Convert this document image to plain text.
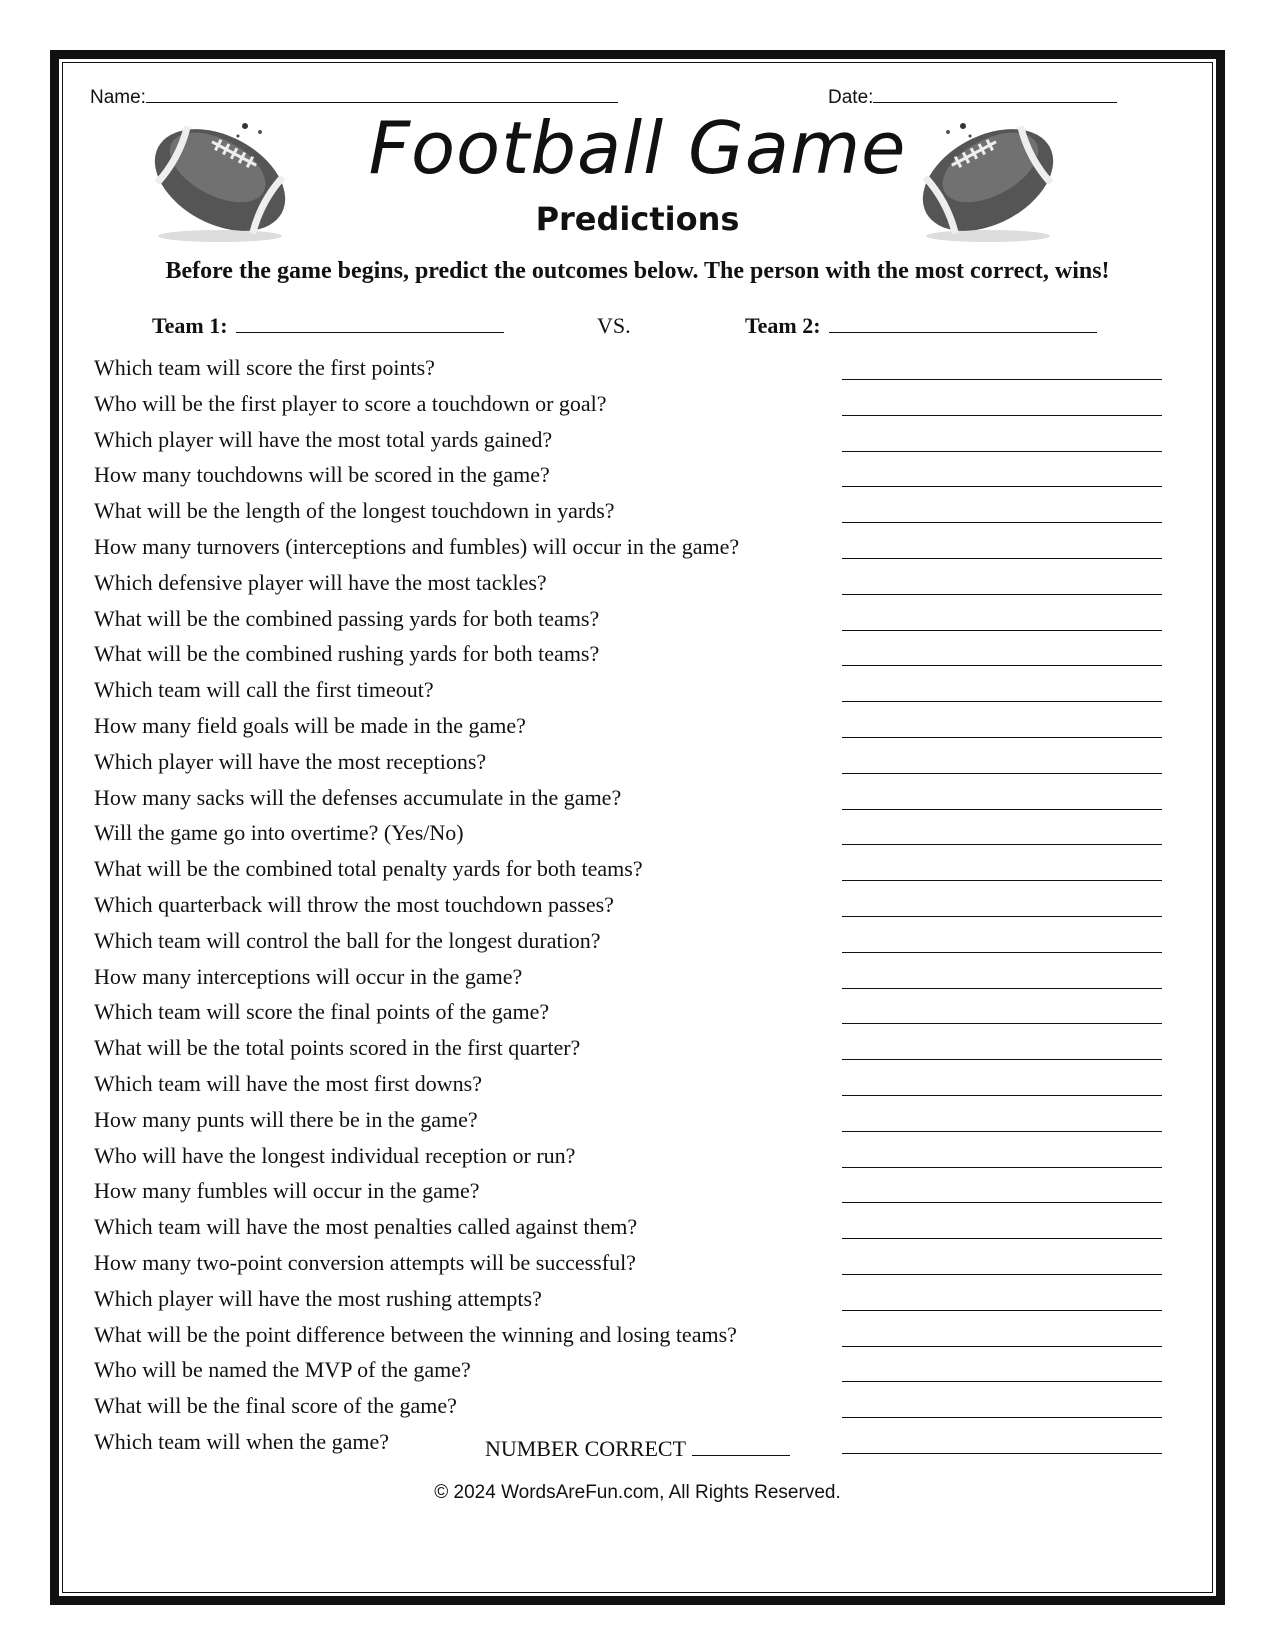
Name:	Date:
Football Game
Predictions
Before the game begins, predict the outcomes below. The person with the most correct, wins!
Team 1:	VS.	Team 2:
Which team will score the first points?
Who will be the first player to score a touchdown or goal?
Which player will have the most total yards gained?
How many touchdowns will be scored in the game?
What will be the length of the longest touchdown in yards?
How many turnovers (interceptions and fumbles) will occur in the game?
Which defensive player will have the most tackles?
What will be the combined passing yards for both teams?
What will be the combined rushing yards for both teams?
Which team will call the first timeout?
How many field goals will be made in the game?
Which player will have the most receptions?
How many sacks will the defenses accumulate in the game?
Will the game go into overtime? (Yes/No)
What will be the combined total penalty yards for both teams?
Which quarterback will throw the most touchdown passes?
Which team will control the ball for the longest duration?
How many interceptions will occur in the game?
Which team will score the final points of the game?
What will be the total points scored in the first quarter?
Which team will have the most first downs?
How many punts will there be in the game?
Who will have the longest individual reception or run?
How many fumbles will occur in the game?
Which team will have the most penalties called against them?
How many two-point conversion attempts will be successful?
Which player will have the most rushing attempts?
What will be the point difference between the winning and losing teams?
Who will be named the MVP of the game?
What will be the final score of the game?
Which team will when the game?	NUMBER CORRECT
© 2024 WordsAreFun.com, All Rights Reserved.
